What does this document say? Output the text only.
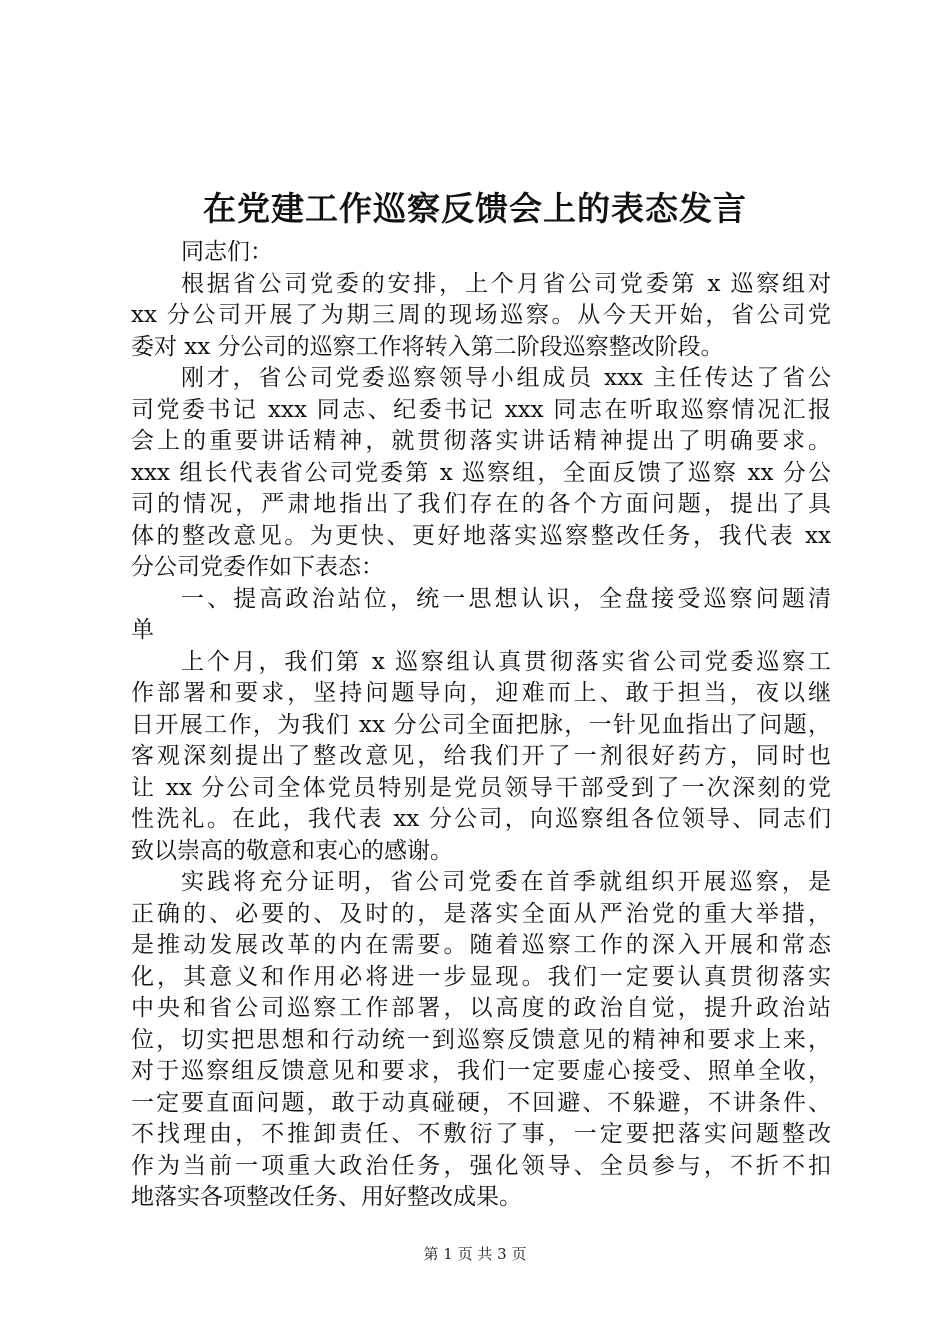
在党建工作巡察反馈会上的表态发言
同志们：
根据省公司党委的安排，上个月省公司党委第 x 巡察组对
xx 分公司开展了为期三周的现场巡察。从今天开始，省公司党
委对 xx 分公司的巡察工作将转入第二阶段巡察整改阶段。
刚才，省公司党委巡察领导小组成员 xxx 主任传达了省公
司党委书记 xxx 同志、纪委书记 xxx 同志在听取巡察情况汇报
会上的重要讲话精神，就贯彻落实讲话精神提出了明确要求。
xxx 组长代表省公司党委第 x 巡察组，全面反馈了巡察 xx 分公
司的情况，严肃地指出了我们存在的各个方面问题，提出了具
体的整改意见。为更快、更好地落实巡察整改任务，我代表 xx
分公司党委作如下表态：
一、提高政治站位，统一思想认识，全盘接受巡察问题清
单
上个月，我们第 x 巡察组认真贯彻落实省公司党委巡察工
作部署和要求，坚持问题导向，迎难而上、敢于担当，夜以继
日开展工作，为我们 xx 分公司全面把脉，一针见血指出了问题，
客观深刻提出了整改意见，给我们开了一剂很好药方，同时也
让 xx 分公司全体党员特别是党员领导干部受到了一次深刻的党
性洗礼。在此，我代表 xx 分公司，向巡察组各位领导、同志们
致以崇高的敬意和衷心的感谢。
实践将充分证明，省公司党委在首季就组织开展巡察，是
正确的、必要的、及时的，是落实全面从严治党的重大举措，
是推动发展改革的内在需要。随着巡察工作的深入开展和常态
化，其意义和作用必将进一步显现。我们一定要认真贯彻落实
中央和省公司巡察工作部署，以高度的政治自觉，提升政治站
位，切实把思想和行动统一到巡察反馈意见的精神和要求上来，
对于巡察组反馈意见和要求，我们一定要虚心接受、照单全收，
一定要直面问题，敢于动真碰硬，不回避、不躲避，不讲条件、
不找理由，不推卸责任、不敷衍了事，一定要把落实问题整改
作为当前一项重大政治任务，强化领导、全员参与，不折不扣
地落实各项整改任务、用好整改成果。
第 1 页 共 3 页
